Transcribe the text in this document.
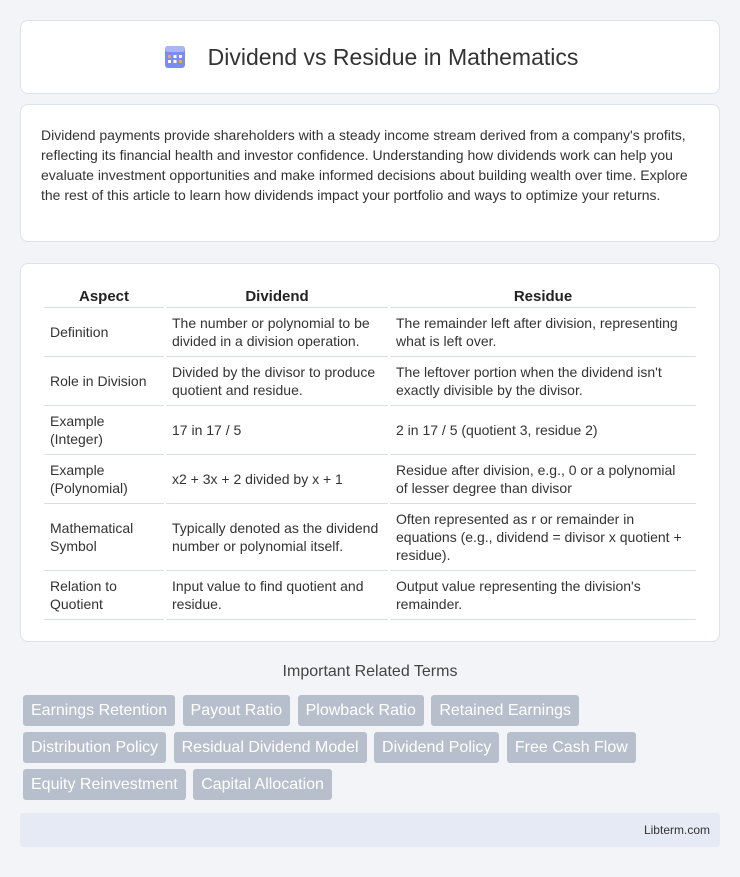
Dividend vs Residue in Mathematics

Dividend payments provide shareholders with a steady income stream derived from a company's profits, reflecting its financial health and investor confidence. Understanding how dividends work can help you evaluate investment opportunities and make informed decisions about building wealth over time. Explore the rest of this article to learn how dividends impact your portfolio and ways to optimize your returns.

Aspect	Dividend	Residue
Definition	The number or polynomial to be divided in a division operation.	The remainder left after division, representing what is left over.
Role in Division	Divided by the divisor to produce quotient and residue.	The leftover portion when the dividend isn't exactly divisible by the divisor.
Example (Integer)	17 in 17 / 5	2 in 17 / 5 (quotient 3, residue 2)
Example (Polynomial)	x2 + 3x + 2 divided by x + 1	Residue after division, e.g., 0 or a polynomial of lesser degree than divisor
Mathematical Symbol	Typically denoted as the dividend number or polynomial itself.	Often represented as r or remainder in equations (e.g., dividend = divisor x quotient + residue).
Relation to Quotient	Input value to find quotient and residue.	Output value representing the division's remainder.
Important Related Terms
Earnings Retention Payout Ratio Plowback Ratio Retained Earnings Distribution Policy Residual Dividend Model Dividend Policy Free Cash Flow Equity Reinvestment Capital Allocation
Libterm.com
